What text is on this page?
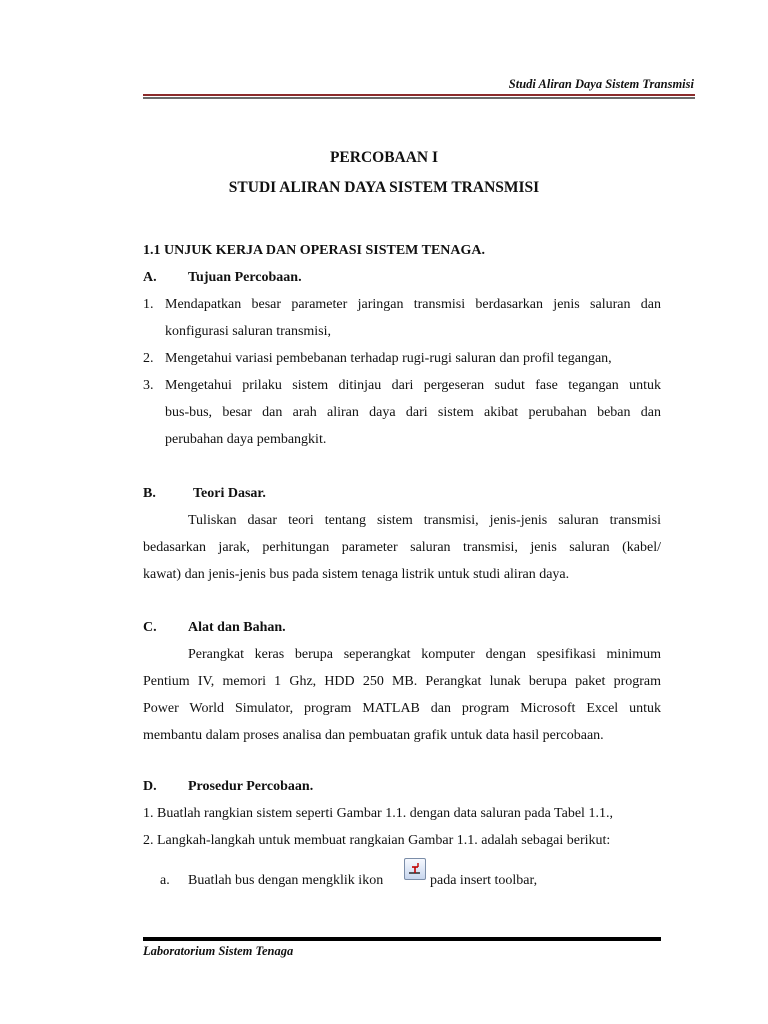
Studi Aliran Daya Sistem Transmisi
PERCOBAAN I
STUDI ALIRAN DAYA SISTEM TRANSMISI
1.1 UNJUK KERJA DAN OPERASI SISTEM TENAGA.
A. Tujuan Percobaan.
1. Mendapatkan besar parameter jaringan transmisi berdasarkan jenis saluran dan
konfigurasi saluran transmisi,
2. Mengetahui variasi pembebanan terhadap rugi-rugi saluran dan profil tegangan,
3. Mengetahui prilaku sistem ditinjau dari pergeseran sudut fase tegangan untuk
bus-bus, besar dan arah aliran daya dari sistem akibat perubahan beban dan
perubahan daya pembangkit.
B.	Teori Dasar.
Tuliskan dasar teori tentang sistem transmisi, jenis-jenis saluran transmisi
bedasarkan jarak, perhitungan parameter saluran transmisi, jenis saluran (kabel/
kawat) dan jenis-jenis bus pada sistem tenaga listrik untuk studi aliran daya.
C. Alat dan Bahan.
Perangkat keras berupa seperangkat komputer dengan spesifikasi minimum
Pentium IV, memori 1 Ghz, HDD 250 MB. Perangkat lunak berupa paket program
Power World Simulator, program MATLAB dan program Microsoft Excel untuk
membantu dalam proses analisa dan pembuatan grafik untuk data hasil percobaan.
D. Prosedur Percobaan.
1. Buatlah rangkian sistem seperti Gambar 1.1. dengan data saluran pada Tabel 1.1.,
2. Langkah-langkah untuk membuat rangkaian Gambar 1.1. adalah sebagai berikut:
a. Buatlah bus dengan mengklik ikon	pada insert toolbar,
Laboratorium Sistem Tenaga
